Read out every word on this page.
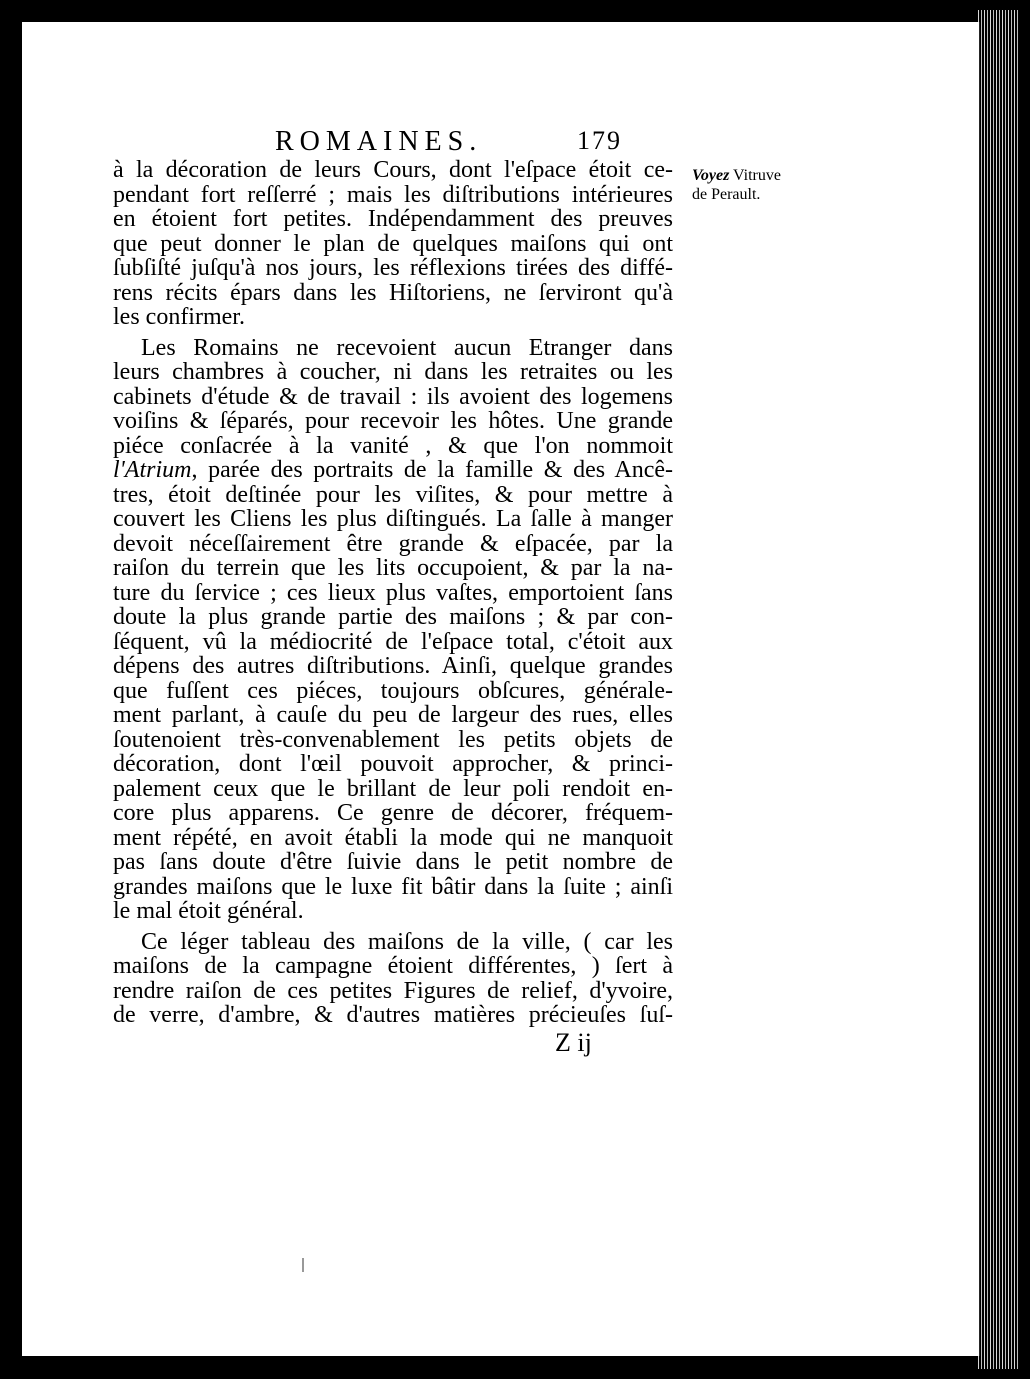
ROMAINES.	179
Voyez Vitruve
de Perault.
à la décoration de leurs Cours, dont l'eſpace étoit ce-
pendant fort reſſerré ; mais les diſtributions intérieures
en étoient fort petites. Indépendamment des preuves
que peut donner le plan de quelques maiſons qui ont
ſubſiſté juſqu'à nos jours, les réflexions tirées des diffé-
rens récits épars dans les Hiſtoriens, ne ſerviront qu'à
les confirmer.
Les Romains ne recevoient aucun Etranger dans
leurs chambres à coucher, ni dans les retraites ou les
cabinets d'étude & de travail : ils avoient des logemens
voiſins & ſéparés, pour recevoir les hôtes. Une grande
piéce conſacrée à la vanité , & que l'on nommoit
l'Atrium, parée des portraits de la famille & des Ancê-
tres, étoit deſtinée pour les viſites, & pour mettre à
couvert les Cliens les plus diſtingués. La ſalle à manger
devoit néceſſairement être grande & eſpacée, par la
raiſon du terrein que les lits occupoient, & par la na-
ture du ſervice ; ces lieux plus vaſtes, emportoient ſans
doute la plus grande partie des maiſons ; & par con-
ſéquent, vû la médiocrité de l'eſpace total, c'étoit aux
dépens des autres diſtributions. Ainſi, quelque grandes
que fuſſent ces piéces, toujours obſcures, générale-
ment parlant, à cauſe du peu de largeur des rues, elles
ſoutenoient très-convenablement les petits objets de
décoration, dont l'œil pouvoit approcher, & princi-
palement ceux que le brillant de leur poli rendoit en-
core plus apparens. Ce genre de décorer, fréquem-
ment répété, en avoit établi la mode qui ne manquoit
pas ſans doute d'être ſuivie dans le petit nombre de
grandes maiſons que le luxe fit bâtir dans la ſuite ; ainſi
le mal étoit général.
Ce léger tableau des maiſons de la ville, ( car les
maiſons de la campagne étoient différentes, ) ſert à
rendre raiſon de ces petites Figures de relief, d'yvoire,
de verre, d'ambre, & d'autres matières précieuſes ſuſ-
Z ij
